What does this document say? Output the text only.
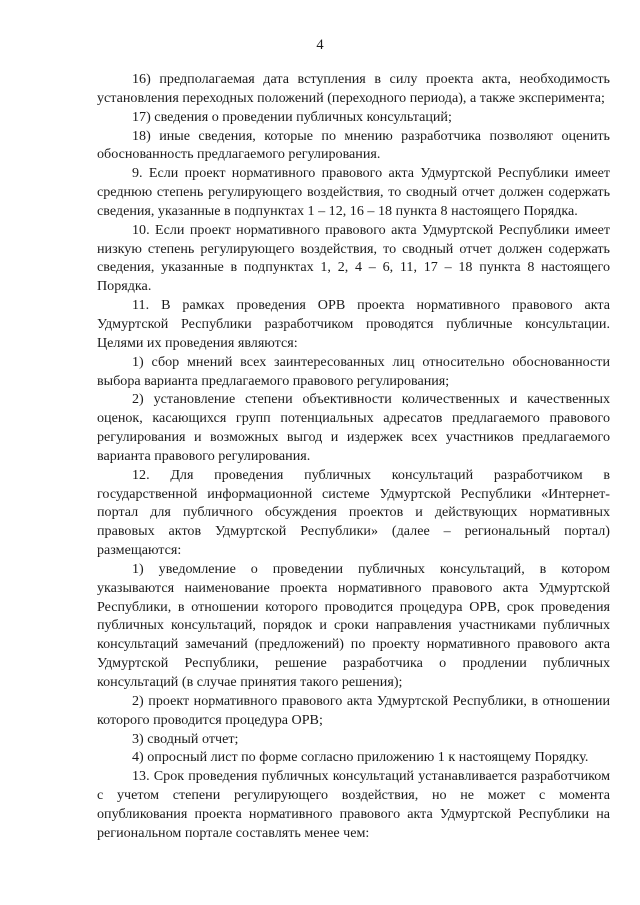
4

16) предполагаемая дата вступления в силу проекта акта, необходимость установления переходных положений (переходного периода), а также эксперимента;

17) сведения о проведении публичных консультаций;

18) иные сведения, которые по мнению разработчика позволяют оценить обоснованность предлагаемого регулирования.

9. Если проект нормативного правового акта Удмуртской Республики имеет среднюю степень регулирующего воздействия, то сводный отчет должен содержать сведения, указанные в подпунктах 1 – 12, 16 – 18 пункта 8 настоящего Порядка.

10. Если проект нормативного правового акта Удмуртской Республики имеет низкую степень регулирующего воздействия, то сводный отчет должен содержать сведения, указанные в подпунктах 1, 2, 4 – 6, 11, 17 – 18 пункта 8 настоящего Порядка.

11. В рамках проведения ОРВ проекта нормативного правового акта Удмуртской Республики разработчиком проводятся публичные консультации. Целями их проведения являются:

1) сбор мнений всех заинтересованных лиц относительно обоснованности выбора варианта предлагаемого правового регулирования;

2) установление степени объективности количественных и качественных оценок, касающихся групп потенциальных адресатов предлагаемого правового регулирования и возможных выгод и издержек всех участников предлагаемого варианта правового регулирования.

12. Для проведения публичных консультаций разработчиком в государственной информационной системе Удмуртской Республики «Интернет-портал для публичного обсуждения проектов и действующих нормативных правовых актов Удмуртской Республики» (далее – региональный портал) размещаются:

1) уведомление о проведении публичных консультаций, в котором указываются наименование проекта нормативного правового акта Удмуртской Республики, в отношении которого проводится процедура ОРВ, срок проведения публичных консультаций, порядок и сроки направления участниками публичных консультаций замечаний (предложений) по проекту нормативного правового акта Удмуртской Республики, решение разработчика о продлении публичных консультаций (в случае принятия такого решения);

2) проект нормативного правового акта Удмуртской Республики, в отношении которого проводится процедура ОРВ;

3) сводный отчет;

4) опросный лист по форме согласно приложению 1 к настоящему Порядку.

13. Срок проведения публичных консультаций устанавливается разработчиком с учетом степени регулирующего воздействия, но не может с момента опубликования проекта нормативного правового акта Удмуртской Республики на региональном портале составлять менее чем:
